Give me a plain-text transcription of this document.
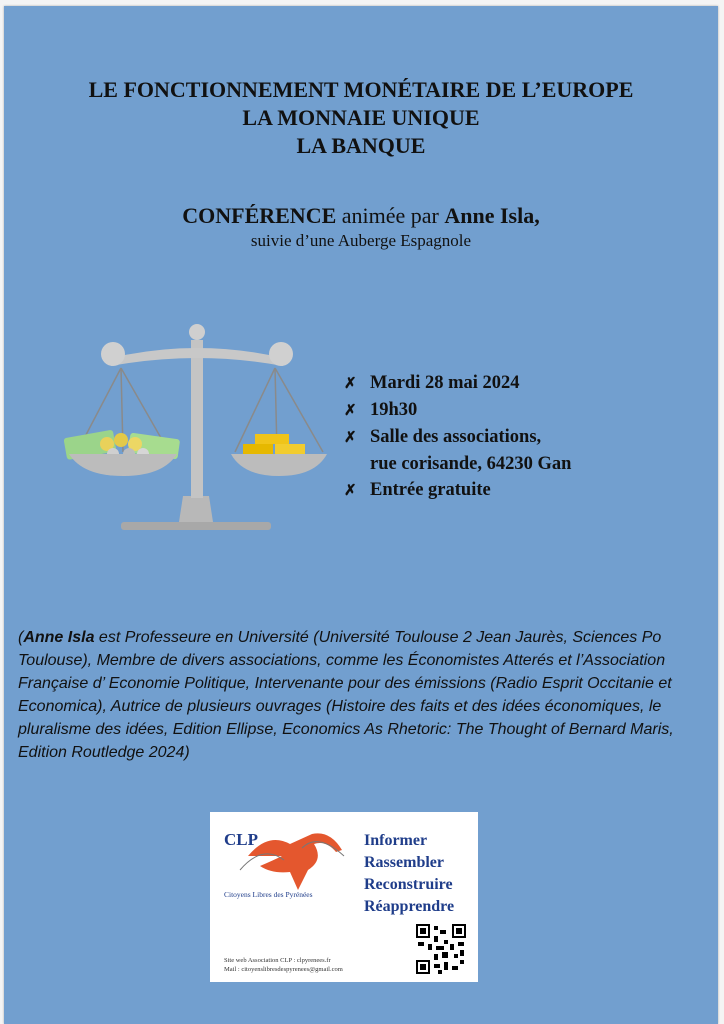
LE FONCTIONNEMENT MONÉTAIRE DE L’EUROPE
LA MONNAIE UNIQUE
LA BANQUE
CONFÉRENCE animée par Anne Isla,
suivie d’une Auberge Espagnole
✗ Mardi 28 mai 2024
✗ 19h30
✗ Salle des associations,
rue corisande, 64230 Gan
✗ Entrée gratuite
(Anne Isla est Professeure en Université (Université Toulouse 2 Jean Jaurès, Sciences Po Toulouse), Membre de divers associations, comme les Économistes Atterés et l’Association Française d’ Economie Politique, Intervenante pour des émissions (Radio Esprit Occitanie et Economica), Autrice de plusieurs ouvrages (Histoire des faits et des idées économiques, le pluralisme des idées, Edition Ellipse, Economics As Rhetoric: The Thought of Bernard Maris, Edition Routledge 2024)
CLP
Citoyens Libres des Pyrénées
Informer
Rassembler
Reconstruire
Réapprendre
Site web Association CLP : clpyrenees.fr
Mail : citoyenslibresdespyrenees@gmail.com
